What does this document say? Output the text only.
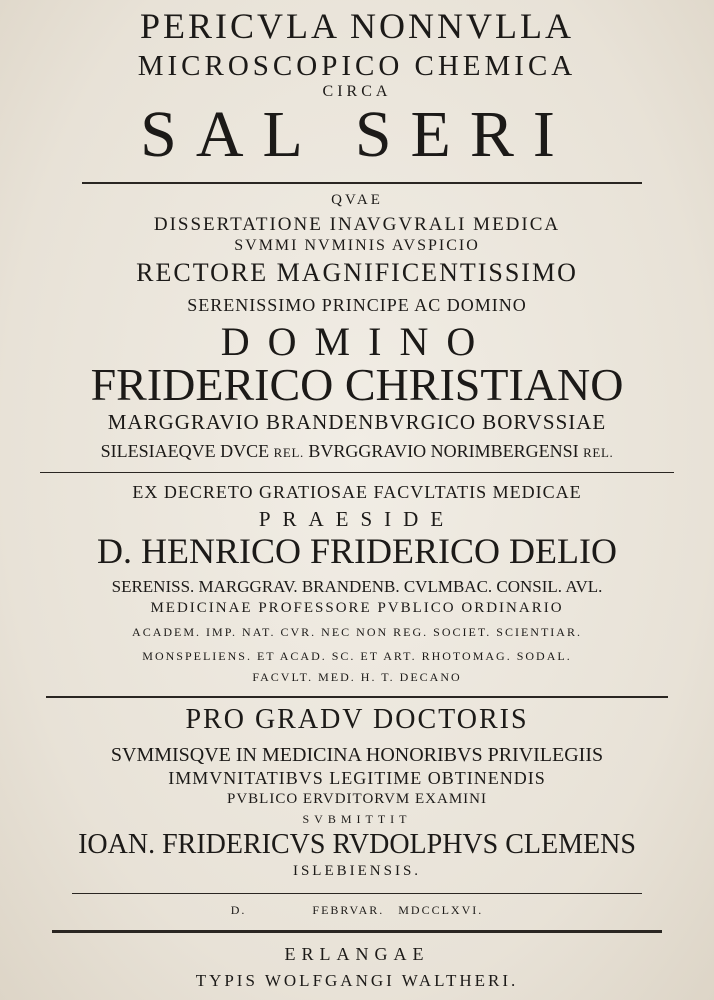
PERICVLA NONNVLLA
MICROSCOPICO CHEMICA
CIRCA
SAL SERI
QVAE
DISSERTATIONE INAVGVRALI MEDICA
SVMMI NVMINIS AVSPICIO
RECTORE MAGNIFICENTISSIMO
SERENISSIMO PRINCIPE AC DOMINO
DOMINO
FRIDERICO CHRISTIANO
MARGGRAVIO BRANDENBVRGICO BORVSSIAE
SILESIAEQVE DVCE REL. BVRGGRAVIO NORIMBERGENSI REL.
EX DECRETO GRATIOSAE FACVLTATIS MEDICAE
PRAESIDE
D. HENRICO FRIDERICO DELIO
SERENISS. MARGGRAV. BRANDENB. CVLMBAC. CONSIL. AVL.
MEDICINAE PROFESSORE PVBLICO ORDINARIO
ACADEM. IMP. NAT. CVR. NEC NON REG. SOCIET. SCIENTIAR.
MONSPELIENS. ET ACAD. SC. ET ART. RHOTOMAG. SODAL.
FACVLT. MED. H. T. DECANO
PRO GRADV DOCTORIS
SVMMISQVE IN MEDICINA HONORIBVS PRIVILEGIIS
IMMVNITATIBVS LEGITIME OBTINENDIS
PVBLICO ERVDITORVM EXAMINI
SVBMITTIT
IOAN. FRIDERICVS RVDOLPHVS CLEMENS
ISLEBIENSIS.
D.	FEBRVAR. MDCCLXVI.
ERLANGAE
TYPIS WOLFGANGI WALTHERI.
